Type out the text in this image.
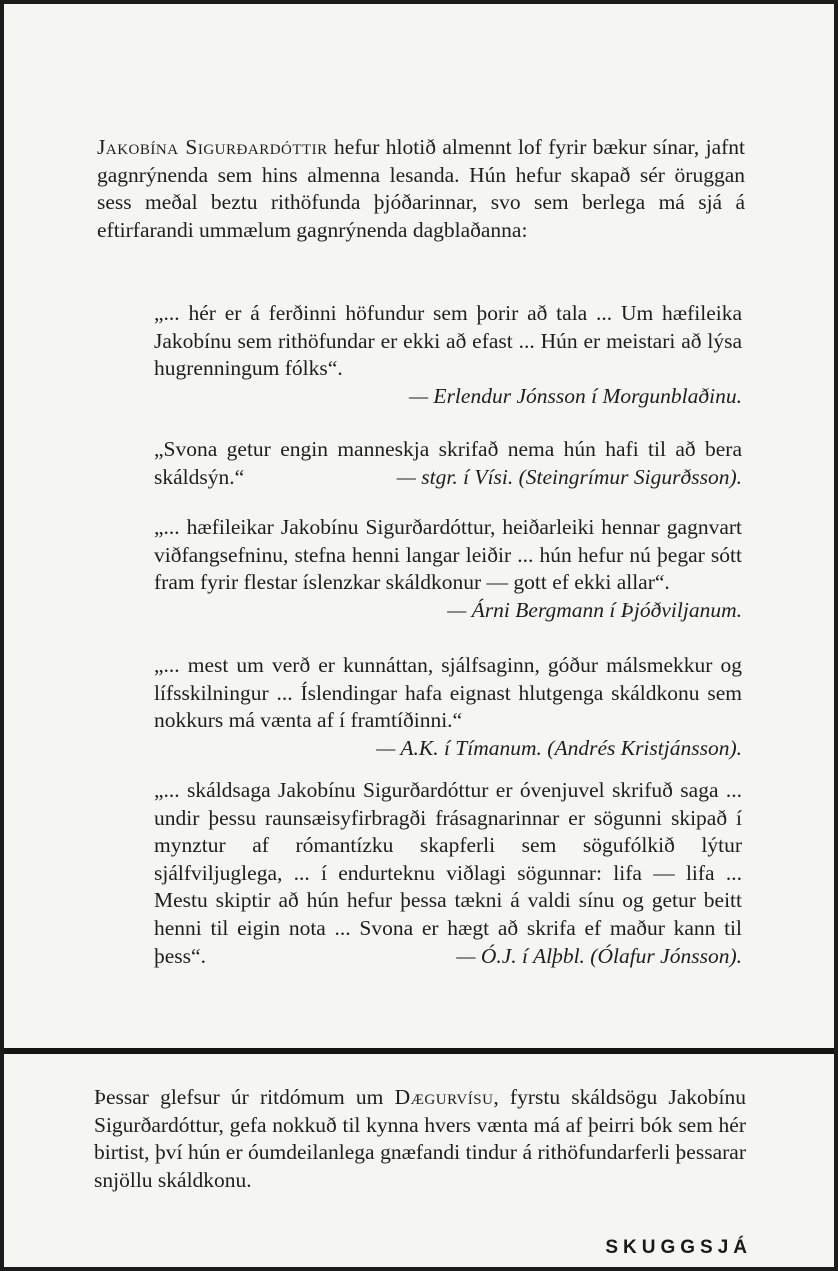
Jakobína Sigurðardóttir hefur hlotið almennt lof fyrir bækur sínar, jafnt gagnrýnenda sem hins almenna lesanda. Hún hefur skapað sér öruggan sess meðal beztu rithöfunda þjóðarinnar, svo sem berlega má sjá á eftirfarandi ummælum gagnrýnenda dagblaðanna:

„... hér er á ferðinni höfundur sem þorir að tala ... Um hæfileika Jakobínu sem rithöfundar er ekki að efast ... Hún er meistari að lýsa hugrenningum fólks“.

— Erlendur Jónsson í Morgunblaðinu.

„Svona getur engin manneskja skrifað nema hún hafi til að bera skáldsýn.“	— stgr. í Vísi. (Steingrímur Sigurðsson).

„... hæfileikar Jakobínu Sigurðardóttur, heiðarleiki hennar gagnvart viðfangsefninu, stefna henni langar leiðir ... hún hefur nú þegar sótt fram fyrir flestar íslenzkar skáldkonur — gott ef ekki allar“.
— Árni Bergmann í Þjóðviljanum.

„... mest um verð er kunnáttan, sjálfsaginn, góður málsmekkur og lífsskilningur ... Íslendingar hafa eignast hlutgenga skáldkonu sem nokkurs má vænta af í framtíðinni.“

— A.K. í Tímanum. (Andrés Kristjánsson).

„... skáldsaga Jakobínu Sigurðardóttur er óvenjuvel skrifuð saga ... undir þessu raunsæisyfirbragði frásagnarinnar er sögunni skipað í mynztur af rómantízku skapferli sem sögufólkið lýtur sjálfviljuglega, ... í endurteknu viðlagi sögunnar: lifa — lifa ... Mestu skiptir að hún hefur þessa tækni á valdi sínu og getur beitt henni til eigin nota ... Svona er hægt að skrifa ef maður kann til þess“.	— Ó.J. í Alþbl. (Ólafur Jónsson).

Þessar glefsur úr ritdómum um Dægurvísu, fyrstu skáldsögu Jakobínu Sigurðardóttur, gefa nokkuð til kynna hvers vænta má af þeirri bók sem hér birtist, því hún er óumdeilanlega gnæfandi tindur á rithöfundarferli þessarar snjöllu skáldkonu.
SKUGGSJÁ
